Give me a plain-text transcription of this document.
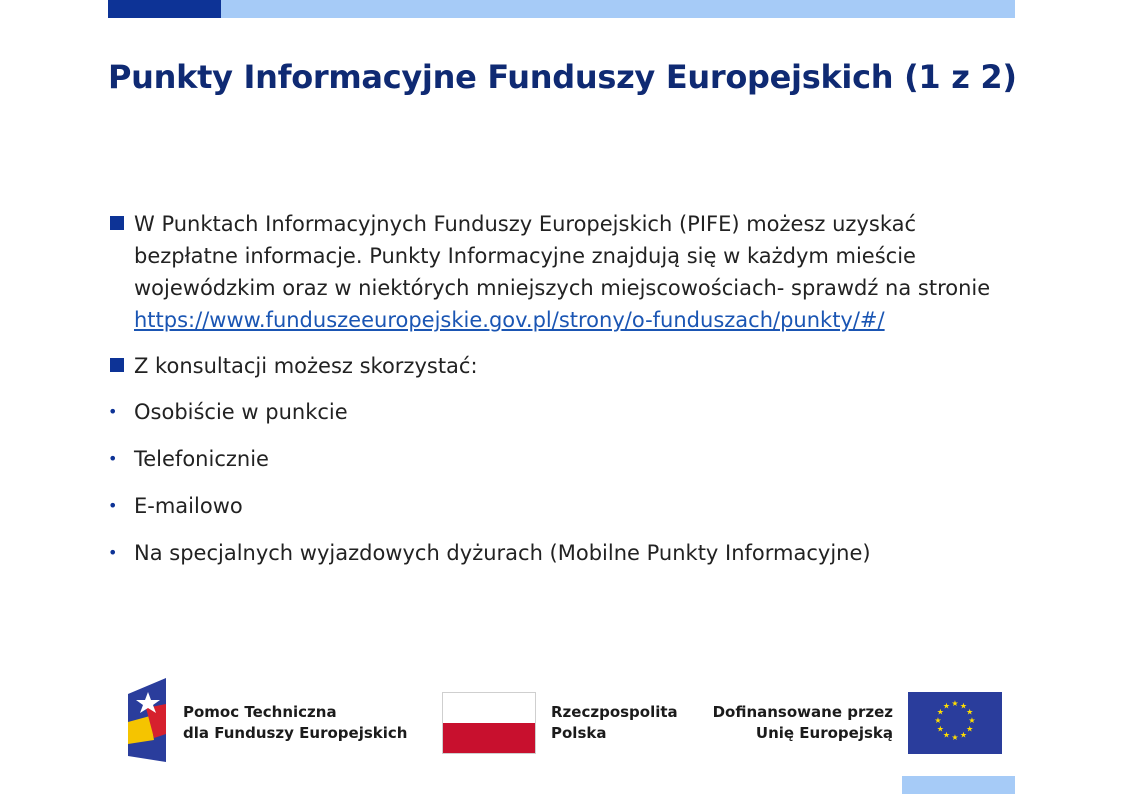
Punkty Informacyjne Funduszy Europejskich (1 z 2)
W Punktach Informacyjnych Funduszy Europejskich (PIFE) możesz uzyskać bezpłatne informacje. Punkty Informacyjne znajdują się w każdym mieście wojewódzkim oraz w niektórych mniejszych miejscowościach- sprawdź na stronie
https://www.funduszeeuropejskie.gov.pl/strony/o-funduszach/punkty/#/
Z konsultacji możesz skorzystać:
• Osobiście w punkcie
• Telefonicznie
• E-mailowo
• Na specjalnych wyjazdowych dyżurach (Mobilne Punkty Informacyjne)
Pomoc Techniczna
dla Funduszy Europejskich
Rzeczpospolita
Polska
Dofinansowane przez
Unię Europejską
★ ★
★
★
★
★
★
★
★
★
★
★
